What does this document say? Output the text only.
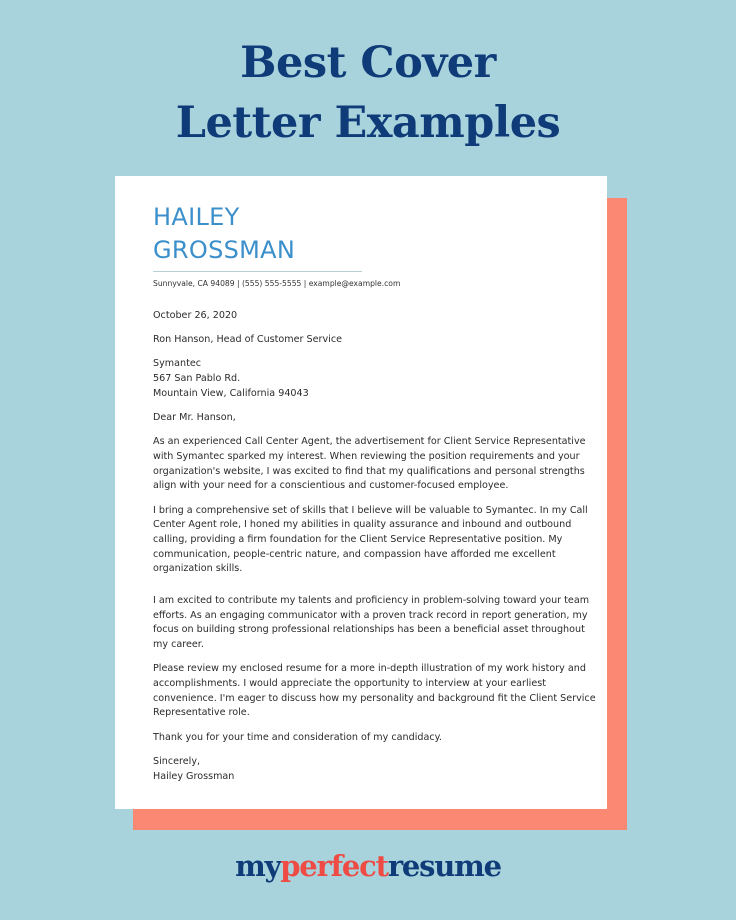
Best Cover
Letter Examples
HAILEY
GROSSMAN
Sunnyvale, CA 94089 | (555) 555-5555 | example@example.com

October 26, 2020

Ron Hanson, Head of Customer Service

Symantec
567 San Pablo Rd.
Mountain View, California 94043

Dear Mr. Hanson,

As an experienced Call Center Agent, the advertisement for Client Service Representative
with Symantec sparked my interest. When reviewing the position requirements and your
organization's website, I was excited to find that my qualifications and personal strengths
align with your need for a conscientious and customer-focused employee.

I bring a comprehensive set of skills that I believe will be valuable to Symantec. In my Call
Center Agent role, I honed my abilities in quality assurance and inbound and outbound
calling, providing a firm foundation for the Client Service Representative position. My
communication, people-centric nature, and compassion have afforded me excellent
organization skills.

I am excited to contribute my talents and proficiency in problem-solving toward your team
efforts. As an engaging communicator with a proven track record in report generation, my
focus on building strong professional relationships has been a beneficial asset throughout
my career.

Please review my enclosed resume for a more in-depth illustration of my work history and
accomplishments. I would appreciate the opportunity to interview at your earliest
convenience. I'm eager to discuss how my personality and background fit the Client Service
Representative role.

Thank you for your time and consideration of my candidacy.

Sincerely,
Hailey Grossman

myperfectresume
